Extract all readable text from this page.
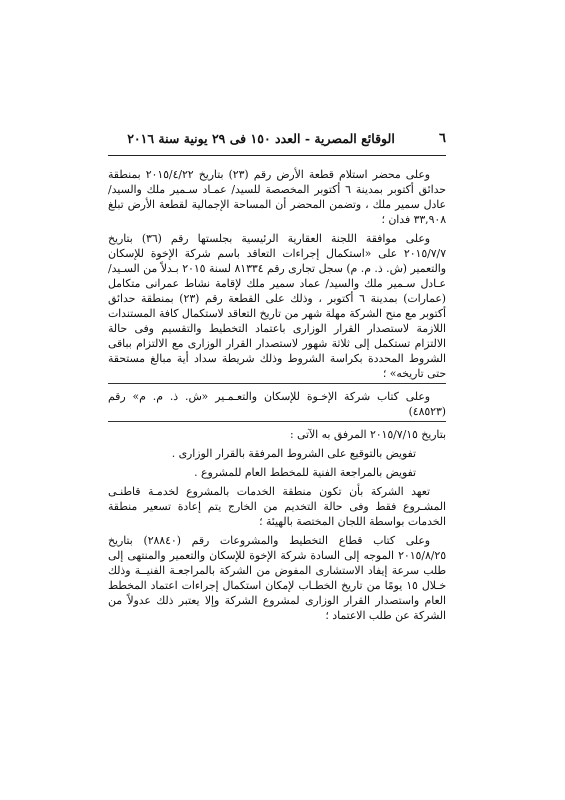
٦
الوقائع المصرية - العدد ١٥٠ فى ٢٩ يونية سنة ٢٠١٦

وعلى محضر استلام قطعة الأرض رقم (٢٣) بتاريخ ٢٠١٥/٤/٢٢ بمنطقة حدائق أكتوبر بمدينة ٦ أكتوبر المخصصة للسيد/ عمـاد سـمير ملك والسيد/ عادل سمير ملك ، وتضمن المحضر أن المساحة الإجمالية لقطعة الأرض تبلغ ٣٣,٩٠٨ فدان ؛

وعلى موافقة اللجنة العقارية الرئيسية بجلستها رقم (٣٦) بتاريخ ٢٠١٥/٧/٧ على «استكمال إجراءات التعاقد باسم شركة الإخوة للإسكان والتعمير (ش. ذ. م. م) سجل تجارى رقم ٨١٣٣٤ لسنة ٢٠١٥ بـدلاً من السـيد/ عـادل سـمير ملك والسيد/ عماد سمير ملك لإقامة نشاط عمرانى متكامل (عمارات) بمدينة ٦ أكتوبر ، وذلك على القطعة رقم (٢٣) بمنطقة حدائق أكتوبر مع منح الشركة مهلة شهر من تاريخ التعاقد لاستكمال كافة المستندات اللازمة لاستصدار القرار الوزارى باعتماد التخطيط والتقسيم وفى حالة الالتزام تستكمل إلى ثلاثة شهور لاستصدار القرار الوزارى مع الالتزام بباقى الشروط المحددة بكراسة الشروط وذلك شريطة سداد أية مبالغ مستحقة حتى تاريخه» ؛

وعلى كتاب شركة الإخـوة للإسكان والتعـمـير «ش. ذ. م. م» رقم (٤٨٥٢٣)

بتاريخ ٢٠١٥/٧/١٥ المرفق به الآتى :

تفويض بالتوقيع على الشروط المرفقة بالقرار الوزارى .

تفويض بالمراجعة الفنية للمخطط العام للمشروع .

تعهد الشركة بأن تكون منطقة الخدمات بالمشروع لخدمـة قاطنـى المشـروع فقط وفى حالة التخديم من الخارج يتم إعادة تسعير منطقة الخدمات بواسطة اللجان المختصة بالهيئة ؛

وعلى كتاب قطاع التخطيط والمشروعات رقم (٢٨٨٤٠) بتاريخ ٢٠١٥/٨/٢٥ الموجه إلى السادة شركة الإخوة للإسكان والتعمير والمنتهى إلى طلب سرعة إيفاد الاستشارى المفوض من الشركة بالمراجعـة الفنيــة وذلك خـلال ١٥ يومًا من تاريخ الخطـاب لإمكان استكمال إجراءات اعتماد المخطط العام واستصدار القرار الوزارى لمشروع الشركة وإلا يعتبر ذلك عدولاً من الشركة عن طلب الاعتماد ؛
